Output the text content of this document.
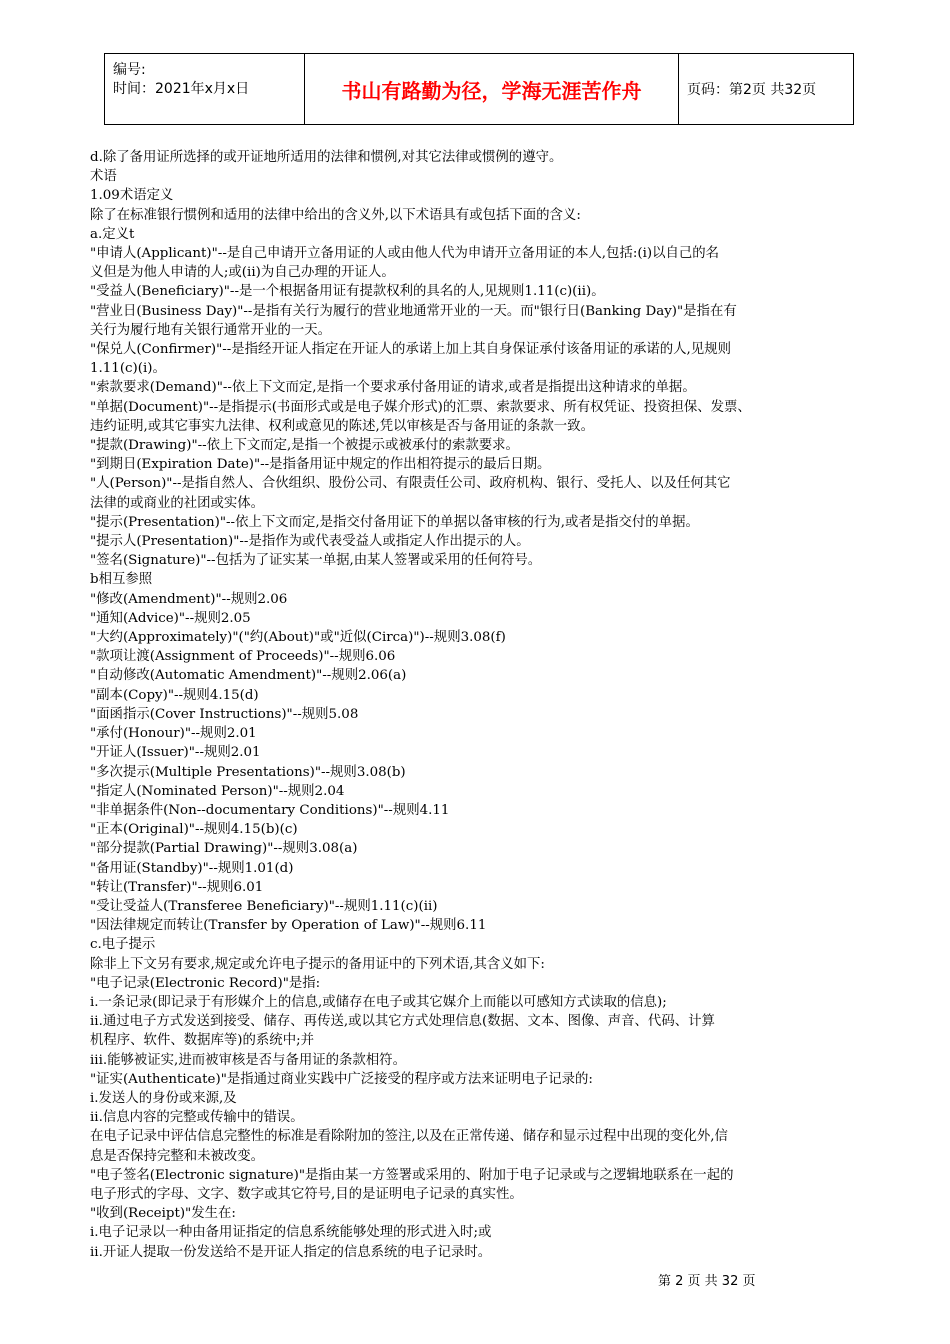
编号:
时间：2021年x月x日	书山有路勤为径，学海无涯苦作舟	页码：第2页 共32页
d.除了备用证所选择的或开证地所适用的法律和惯例,对其它法律或惯例的遵守。
术语
1.09术语定义
除了在标准银行惯例和适用的法律中给出的含义外,以下术语具有或包括下面的含义:
a.定义t
"申请人(Applicant)"--是自己申请开立备用证的人或由他人代为申请开立备用证的本人,包括:(i)以自己的名
义但是为他人申请的人;或(ii)为自己办理的开证人。
"受益人(Beneficiary)"--是一个根据备用证有提款权利的具名的人,见规则1.11(c)(ii)。
"营业日(Business Day)"--是指有关行为履行的营业地通常开业的一天。而"银行日(Banking Day)"是指在有
关行为履行地有关银行通常开业的一天。
"保兑人(Confirmer)"--是指经开证人指定在开证人的承诺上加上其自身保证承付该备用证的承诺的人,见规则
1.11(c)(i)。
"索款要求(Demand)"--依上下文而定,是指一个要求承付备用证的请求,或者是指提出这种请求的单据。
"单据(Document)"--是指提示(书面形式或是电子媒介形式)的汇票、索款要求、所有权凭证、投资担保、发票、
违约证明,或其它事实九法律、权利或意见的陈述,凭以审核是否与备用证的条款一致。
"提款(Drawing)"--依上下文而定,是指一个被提示或被承付的索款要求。
"到期日(Expiration Date)"--是指备用证中规定的作出相符提示的最后日期。
"人(Person)"--是指自然人、合伙组织、股份公司、有限责任公司、政府机构、银行、受托人、以及任何其它
法律的或商业的社团或实体。
"提示(Presentation)"--依上下文而定,是指交付备用证下的单据以备审核的行为,或者是指交付的单据。
"提示人(Presentation)"--是指作为或代表受益人或指定人作出提示的人。
"签名(Signature)"--包括为了证实某一单据,由某人签署或采用的任何符号。
b相互参照
"修改(Amendment)"--规则2.06
"通知(Advice)"--规则2.05
"大约(Approximately)"("约(About)"或"近似(Circa)")--规则3.08(f)
"款项让渡(Assignment of Proceeds)"--规则6.06
"自动修改(Automatic Amendment)"--规则2.06(a)
"副本(Copy)"--规则4.15(d)
"面函指示(Cover Instructions)"--规则5.08
"承付(Honour)"--规则2.01
"开证人(Issuer)"--规则2.01
"多次提示(Multiple Presentations)"--规则3.08(b)
"指定人(Nominated Person)"--规则2.04
"非单据条件(Non--documentary Conditions)"--规则4.11
"正本(Original)"--规则4.15(b)(c)
"部分提款(Partial Drawing)"--规则3.08(a)
"备用证(Standby)"--规则1.01(d)
"转让(Transfer)"--规则6.01
"受让受益人(Transferee Beneficiary)"--规则1.11(c)(ii)
"因法律规定而转让(Transfer by Operation of Law)"--规则6.11
c.电子提示
除非上下文另有要求,规定或允许电子提示的备用证中的下列术语,其含义如下:
"电子记录(Electronic Record)"是指:
i.一条记录(即记录于有形媒介上的信息,或储存在电子或其它媒介上而能以可感知方式读取的信息);
ii.通过电子方式发送到接受、储存、再传送,或以其它方式处理信息(数据、文本、图像、声音、代码、计算
机程序、软件、数据库等)的系统中;并
iii.能够被证实,进而被审核是否与备用证的条款相符。
"证实(Authenticate)"是指通过商业实践中广泛接受的程序或方法来证明电子记录的:
i.发送人的身份或来源,及
ii.信息内容的完整或传输中的错误。
在电子记录中评估信息完整性的标准是看除附加的签注,以及在正常传递、储存和显示过程中出现的变化外,信
息是否保持完整和未被改变。
"电子签名(Electronic signature)"是指由某一方签署或采用的、附加于电子记录或与之逻辑地联系在一起的
电子形式的字母、文字、数字或其它符号,目的是证明电子记录的真实性。
"收到(Receipt)"发生在:
i.电子记录以一种由备用证指定的信息系统能够处理的形式进入时;或
ii.开证人提取一份发送给不是开证人指定的信息系统的电子记录时。
第 2 页 共 32 页
